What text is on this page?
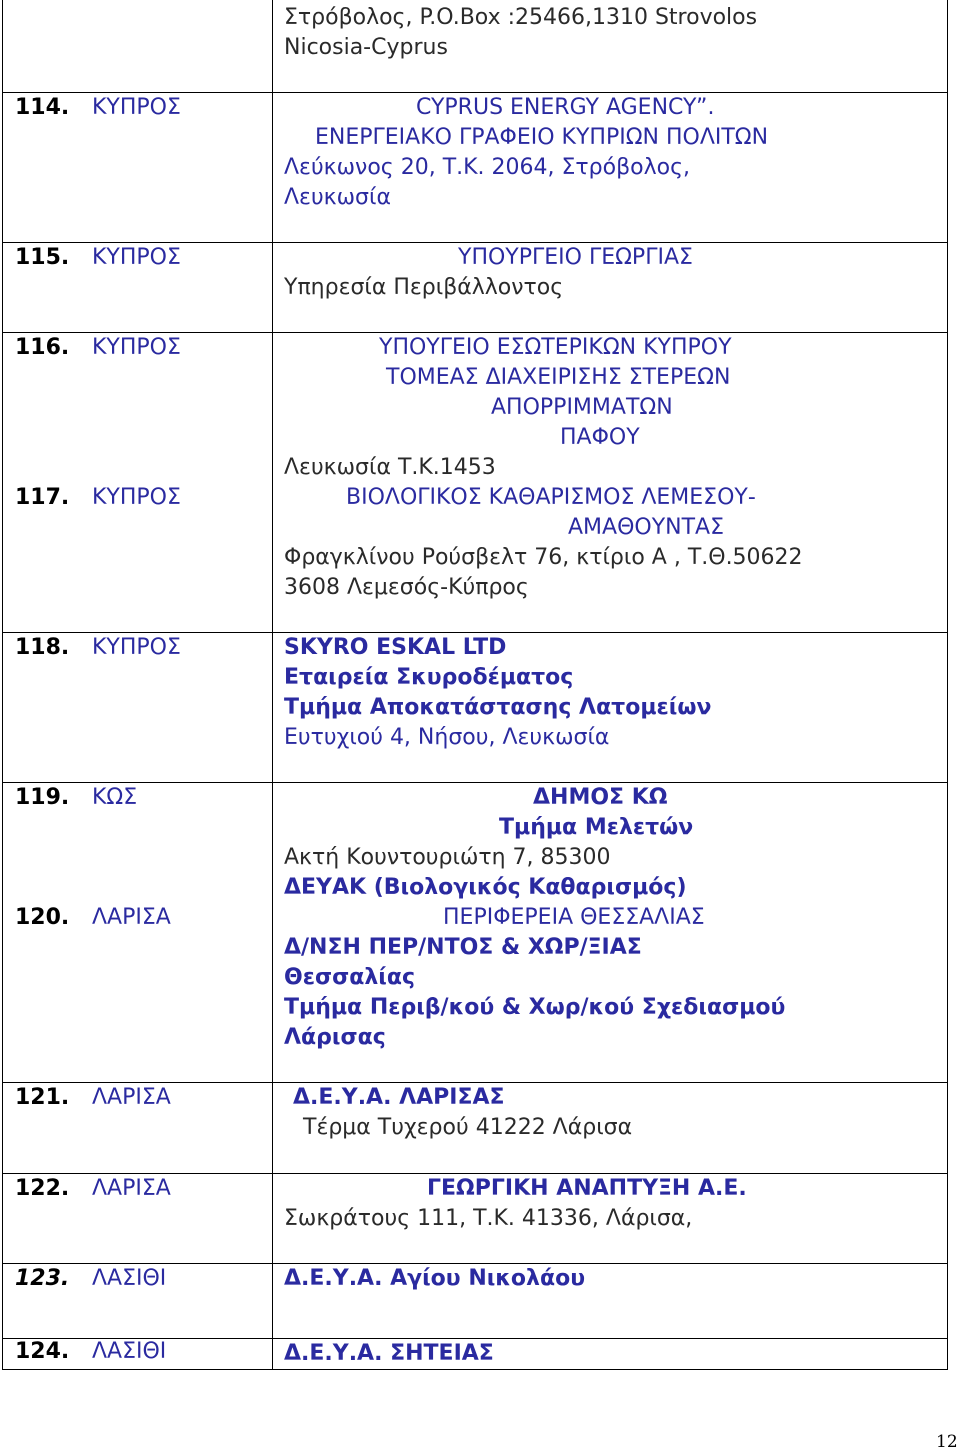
Στρόβολος, P.O.Box :25466,1310 Strovolos
Nicosia-Cyprus
114. ΚΥΠΡΟΣ	CYPRUS ENERGY AGENCY”.
ΕΝΕΡΓΕΙΑΚΟ ΓΡΑΦΕΙΟ ΚΥΠΡΙΩΝ ΠΟΛΙΤΩΝ
Λεύκωνος 20, Τ.Κ. 2064, Στρόβολος,
Λευκωσία
115. ΚΥΠΡΟΣ	ΥΠΟΥΡΓΕΙΟ ΓΕΩΡΓΙΑΣ
Υπηρεσία Περιβάλλοντος
116. ΚΥΠΡΟΣ	ΥΠΟΥΓΕΙΟ ΕΣΩΤΕΡΙΚΩΝ ΚΥΠΡΟΥ
ΤΟΜΕΑΣ ΔΙΑΧΕΙΡΙΣΗΣ ΣΤΕΡΕΩΝ
ΑΠΟΡΡΙΜΜΑΤΩΝ
ΠΑΦΟΥ
Λευκωσία Τ.Κ.1453
117. ΚΥΠΡΟΣ	ΒΙΟΛΟΓΙΚΟΣ ΚΑΘΑΡΙΣΜΟΣ ΛΕΜΕΣΟΥ-
ΑΜΑΘΟΥΝΤΑΣ
Φραγκλίνου Ρούσβελτ 76, κτίριο Α , Τ.Θ.50622
3608 Λεμεσός-Κύπρος
118. ΚΥΠΡΟΣ	SKYRO ESKAL LTD
Εταιρεία Σκυροδέματος
Τμήμα Αποκατάστασης Λατομείων
Ευτυχιού 4, Νήσου, Λευκωσία
119. ΚΩΣ	ΔΗΜΟΣ ΚΩ
Τμήμα Μελετών
Ακτή Κουντουριώτη 7, 85300
ΔΕΥΑΚ (Βιολογικός Καθαρισμός)
120. ΛΑΡΙΣΑ	ΠΕΡΙΦΕΡΕΙΑ ΘΕΣΣΑΛΙΑΣ
Δ/ΝΣΗ ΠΕΡ/ΝΤΟΣ & ΧΩΡ/ΞΙΑΣ
Θεσσαλίας
Τμήμα Περιβ/κού & Χωρ/κού Σχεδιασμού
Λάρισας
121. ΛΑΡΙΣΑ	Δ.Ε.Υ.Α. ΛΑΡΙΣΑΣ
Τέρμα Τυχερού 41222 Λάρισα
122. ΛΑΡΙΣΑ	ΓΕΩΡΓΙΚΗ ΑΝΑΠΤΥΞΗ Α.Ε.
Σωκράτους 111, Τ.Κ. 41336, Λάρισα,
123. ΛΑΣΙΘΙ	Δ.Ε.Υ.Α. Αγίου Νικολάου
124. ΛΑΣΙΘΙ	Δ.Ε.Υ.Α. ΣΗΤΕΙΑΣ
12
